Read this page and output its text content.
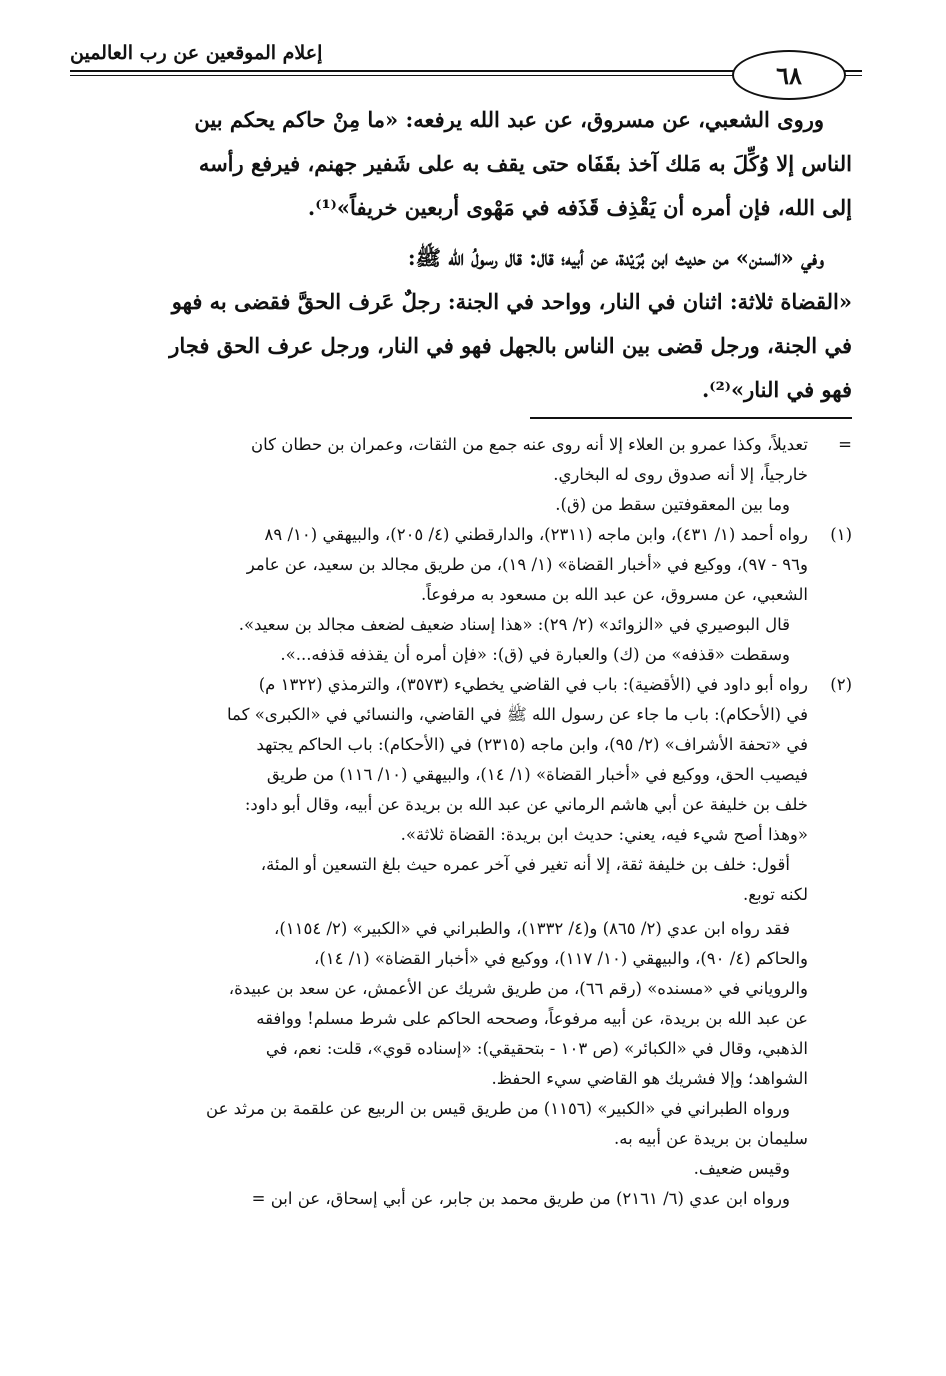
إعلام الموقعين عن رب العالمين
٦٨
وروى الشعبي، عن مسروق، عن عبد الله يرفعه: «ما مِنْ حاكم يحكم بين
الناس إلا وُكِّلَ به مَلك آخذ بقَفَاه حتى يقف به على شَفير جهنم، فيرفع رأسه
إلى الله، فإن أمره أن يَقْذِف قَذَفه في مَهْوى أربعين خريفاً»⁽¹⁾.
وفي «السنن» من حديث ابن بُرَيْدة، عن أبيه؛ قال: قال رسولُ الله ﷺ:
«القضاة ثلاثة: اثنان في النار، وواحد في الجنة: رجلٌ عَرف الحقَّ فقضى به فهو
في الجنة، ورجل قضى بين الناس بالجهل فهو في النار، ورجل عرف الحق فجار
فهو في النار»⁽²⁾.
=

تعديلاً، وكذا عمرو بن العلاء إلا أنه روى عنه جمع من الثقات، وعمران بن حطان كان

خارجياً، إلا أنه صدوق روى له البخاري.

وما بين المعقوفتين سقط من (ق).

(١)

رواه أحمد (١/ ٤٣١)، وابن ماجه (٢٣١١)، والدارقطني (٤/ ٢٠٥)، والبيهقي (١٠/ ٨٩

و٩٦ - ٩٧)، ووكيع في «أخبار القضاة» (١/ ١٩)، من طريق مجالد بن سعيد، عن عامر

الشعبي، عن مسروق، عن عبد الله بن مسعود به مرفوعاً.

قال البوصيري في «الزوائد» (٢/ ٢٩): «هذا إسناد ضعيف لضعف مجالد بن سعيد».

وسقطت «قذفه» من (ك) والعبارة في (ق): «فإن أمره أن يقذفه قذفه...».

(٢)

رواه أبو داود في (الأقضية): باب في القاضي يخطيء (٣٥٧٣)، والترمذي (١٣٢٢ م)

في (الأحكام): باب ما جاء عن رسول الله ﷺ في القاضي، والنسائي في «الكبرى» كما

في «تحفة الأشراف» (٢/ ٩٥)، وابن ماجه (٢٣١٥) في (الأحكام): باب الحاكم يجتهد

فيصيب الحق، ووكيع في «أخبار القضاة» (١/ ١٤)، والبيهقي (١٠/ ١١٦) من طريق

خلف بن خليفة عن أبي هاشم الرماني عن عبد الله بن بريدة عن أبيه، وقال أبو داود:

«وهذا أصح شيء فيه، يعني: حديث ابن بريدة: القضاة ثلاثة».

أقول: خلف بن خليفة ثقة، إلا أنه تغير في آخر عمره حيث بلغ التسعين أو المئة،

لكنه توبع.

فقد رواه ابن عدي (٢/ ٨٦٥) و(٤/ ١٣٣٢)، والطبراني في «الكبير» (٢/ ١١٥٤)،

والحاكم (٤/ ٩٠)، والبيهقي (١٠/ ١١٧)، ووكيع في «أخبار القضاة» (١/ ١٤)،

والروياني في «مسنده» (رقم ٦٦)، من طريق شريك عن الأعمش، عن سعد بن عبيدة،

عن عبد الله بن بريدة، عن أبيه مرفوعاً، وصححه الحاكم على شرط مسلم! ووافقه

الذهبي، وقال في «الكبائر» (ص ١٠٣ - بتحقيقي): «إسناده قوي»، قلت: نعم، في

الشواهد؛ وإلا فشريك هو القاضي سيء الحفظ.

ورواه الطبراني في «الكبير» (١١٥٦) من طريق قيس بن الربيع عن علقمة بن مرثد عن

سليمان بن بريدة عن أبيه به.

وقيس ضعيف.

ورواه ابن عدي (٦/ ٢١٦١) من طريق محمد بن جابر، عن أبي إسحاق، عن ابن =
